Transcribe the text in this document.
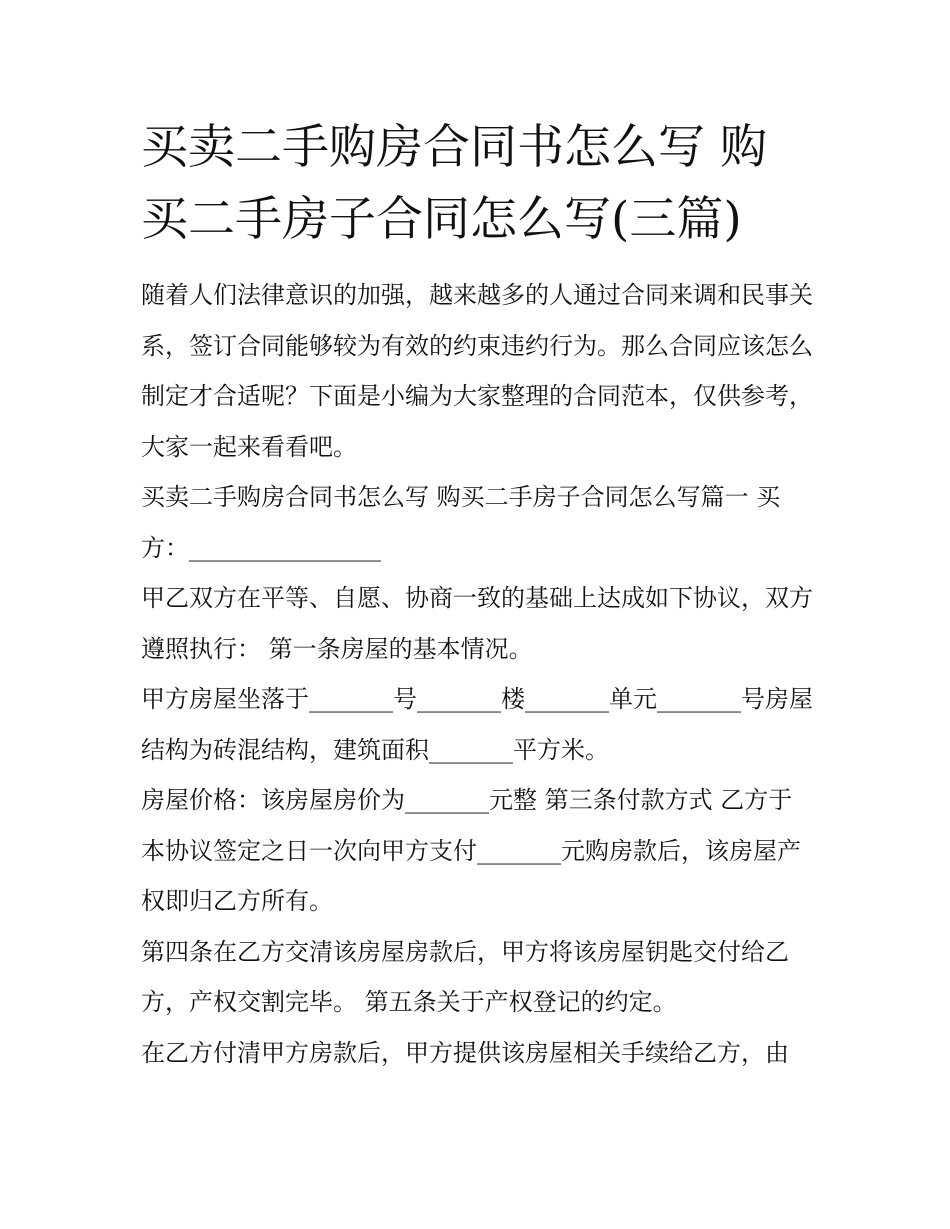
买卖二手购房合同书怎么写 购买二手房子合同怎么写(三篇)

随着人们法律意识的加强，越来越多的人通过合同来调和民事关系，签订合同能够较为有效的约束违约行为。那么合同应该怎么制定才合适呢？下面是小编为大家整理的合同范本，仅供参考，大家一起来看看吧。

买卖二手购房合同书怎么写 购买二手房子合同怎么写篇一 买方：________________

甲乙双方在平等、自愿、协商一致的基础上达成如下协议，双方遵照执行： 第一条房屋的基本情况。

甲方房屋坐落于_______号_______楼_______单元_______号房屋结构为砖混结构，建筑面积_______平方米。

房屋价格：该房屋房价为_______元整 第三条付款方式 乙方于本协议签定之日一次向甲方支付_______元购房款后，该房屋产权即归乙方所有。

第四条在乙方交清该房屋房款后，甲方将该房屋钥匙交付给乙方，产权交割完毕。 第五条关于产权登记的约定。

在乙方付清甲方房款后，甲方提供该房屋相关手续给乙方，由
